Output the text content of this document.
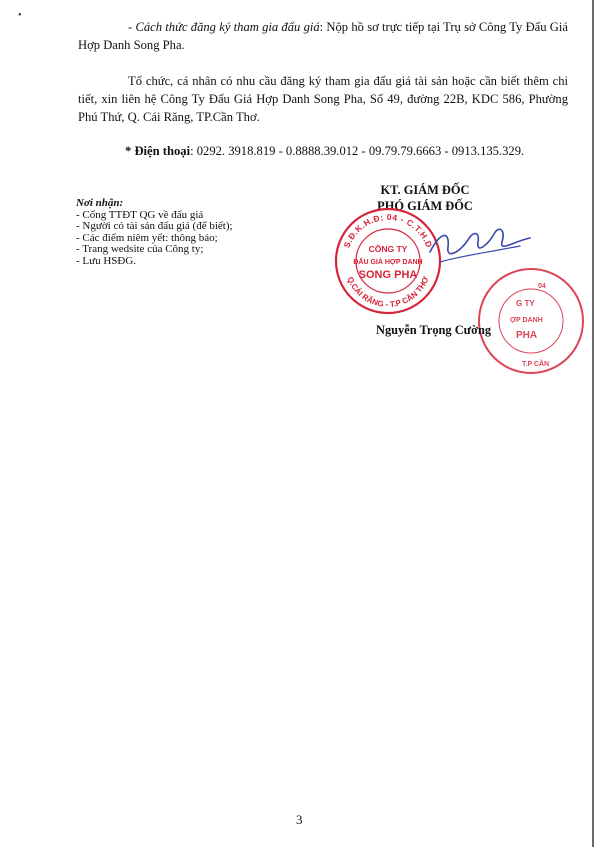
•
- Cách thức đăng ký tham gia đấu giá: Nộp hồ sơ trực tiếp tại Trụ sở Công Ty Đấu Giá Hợp Danh Song Pha.
Tổ chức, cá nhân có nhu cầu đăng ký tham gia đấu giá tài sản hoặc cần biết thêm chi tiết, xin liên hệ Công Ty Đấu Giá Hợp Danh Song Pha, Số 49, đường 22B, KDC 586, Phường Phú Thứ, Q. Cái Răng, TP.Cần Thơ.
* Điện thoại: 0292. 3918.819 - 0.8888.39.012 - 09.79.79.6663 - 0913.135.329.
Nơi nhận:
- Cổng TTĐT QG về đấu giá
- Người có tài sản đấu giá (để biết);
- Các điểm niêm yết: thông báo;
- Trang wedsite của Công ty;
- Lưu HSĐG.
KT. GIÁM ĐỐC
PHÓ GIÁM ĐỐC
S.Đ.K.H.Đ: 04 - C.T.H.D
Q.CÁI RĂNG - T.P CẦN THƠ
CÔNG TY
ĐẤU GIÁ HỢP DANH
SONG PHA
G TY
ỢP DANH
PHA
04
T.P CẦN
Nguyễn Trọng Cường
3
